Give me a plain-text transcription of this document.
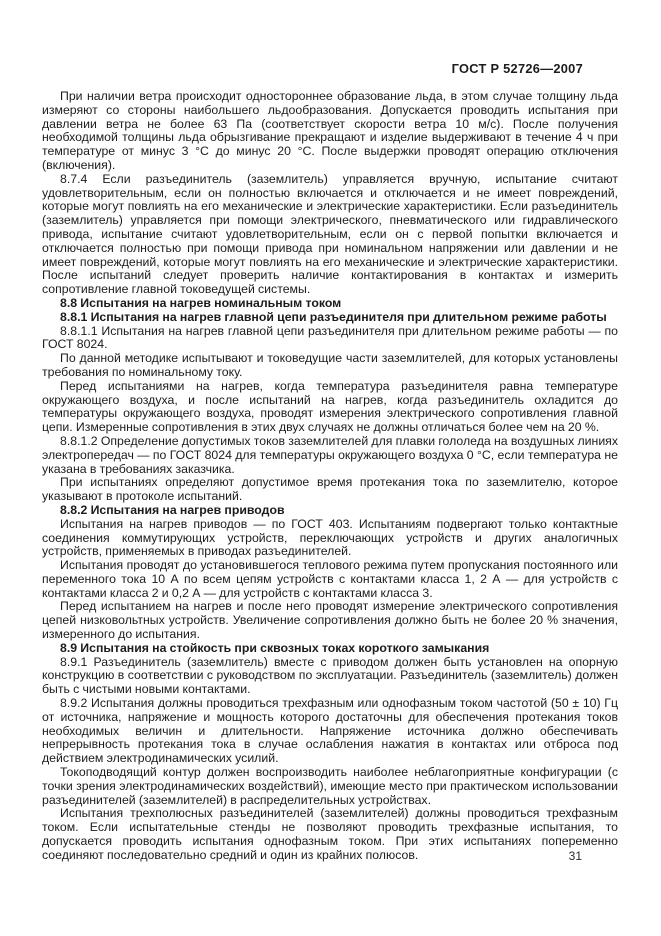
ГОСТ Р 52726—2007

При наличии ветра происходит одностороннее образование льда, в этом случае толщину льда измеряют со стороны наибольшего льдообразования. Допускается проводить испытания при давлении ветра не более 63 Па (соответствует скорости ветра 10 м/с). После получения необходимой толщины льда обрызгивание прекращают и изделие выдерживают в течение 4 ч при температуре от минус 3 °С до минус 20 °С. После выдержки проводят операцию отключения (включения).

8.7.4 Если разъединитель (заземлитель) управляется вручную, испытание считают удовлетворительным, если он полностью включается и отключается и не имеет повреждений, которые могут повлиять на его механические и электрические характеристики. Если разъединитель (заземлитель) управляется при помощи электрического, пневматического или гидравлического привода, испытание считают удовлетворительным, если он с первой попытки включается и отключается полностью при помощи привода при номинальном напряжении или давлении и не имеет повреждений, которые могут повлиять на его механические и электрические характеристики. После испытаний следует проверить наличие контактирования в контактах и измерить сопротивление главной токоведущей системы.

8.8 Испытания на нагрев номинальным током

8.8.1 Испытания на нагрев главной цепи разъединителя при длительном режиме работы

8.8.1.1 Испытания на нагрев главной цепи разъединителя при длительном режиме работы — по ГОСТ 8024.

По данной методике испытывают и токоведущие части заземлителей, для которых установлены требования по номинальному току.

Перед испытаниями на нагрев, когда температура разъединителя равна температуре окружающего воздуха, и после испытаний на нагрев, когда разъединитель охладится до температуры окружающего воздуха, проводят измерения электрического сопротивления главной цепи. Измеренные сопротивления в этих двух случаях не должны отличаться более чем на 20 %.

8.8.1.2 Определение допустимых токов заземлителей для плавки гололеда на воздушных линиях электропередач — по ГОСТ 8024 для температуры окружающего воздуха 0 °С, если температура не указана в требованиях заказчика.

При испытаниях определяют допустимое время протекания тока по заземлителю, которое указывают в протоколе испытаний.

8.8.2 Испытания на нагрев приводов

Испытания на нагрев приводов — по ГОСТ 403. Испытаниям подвергают только контактные соединения коммутирующих устройств, переключающих устройств и других аналогичных устройств, применяемых в приводах разъединителей.

Испытания проводят до установившегося теплового режима путем пропускания постоянного или переменного тока 10 А по всем цепям устройств с контактами класса 1, 2 А — для устройств с контактами класса 2 и 0,2 А — для устройств с контактами класса 3.

Перед испытанием на нагрев и после него проводят измерение электрического сопротивления цепей низковольтных устройств. Увеличение сопротивления должно быть не более 20 % значения, измеренного до испытания.

8.9 Испытания на стойкость при сквозных токах короткого замыкания

8.9.1 Разъединитель (заземлитель) вместе с приводом должен быть установлен на опорную конструкцию в соответствии с руководством по эксплуатации. Разъединитель (заземлитель) должен быть с чистыми новыми контактами.

8.9.2 Испытания должны проводиться трехфазным или однофазным током частотой (50 ± 10) Гц от источника, напряжение и мощность которого достаточны для обеспечения протекания токов необходимых величин и длительности. Напряжение источника должно обеспечивать непрерывность протекания тока в случае ослабления нажатия в контактах или отброса под действием электродинамических усилий.

Токоподводящий контур должен воспроизводить наиболее неблагоприятные конфигурации (с точки зрения электродинамических воздействий), имеющие место при практическом использовании разъединителей (заземлителей) в распределительных устройствах.

Испытания трехполюсных разъединителей (заземлителей) должны проводиться трехфазным током. Если испытательные стенды не позволяют проводить трехфазные испытания, то допускается проводить испытания однофазным током. При этих испытаниях попеременно соединяют последовательно средний и один из крайних полюсов.	31
